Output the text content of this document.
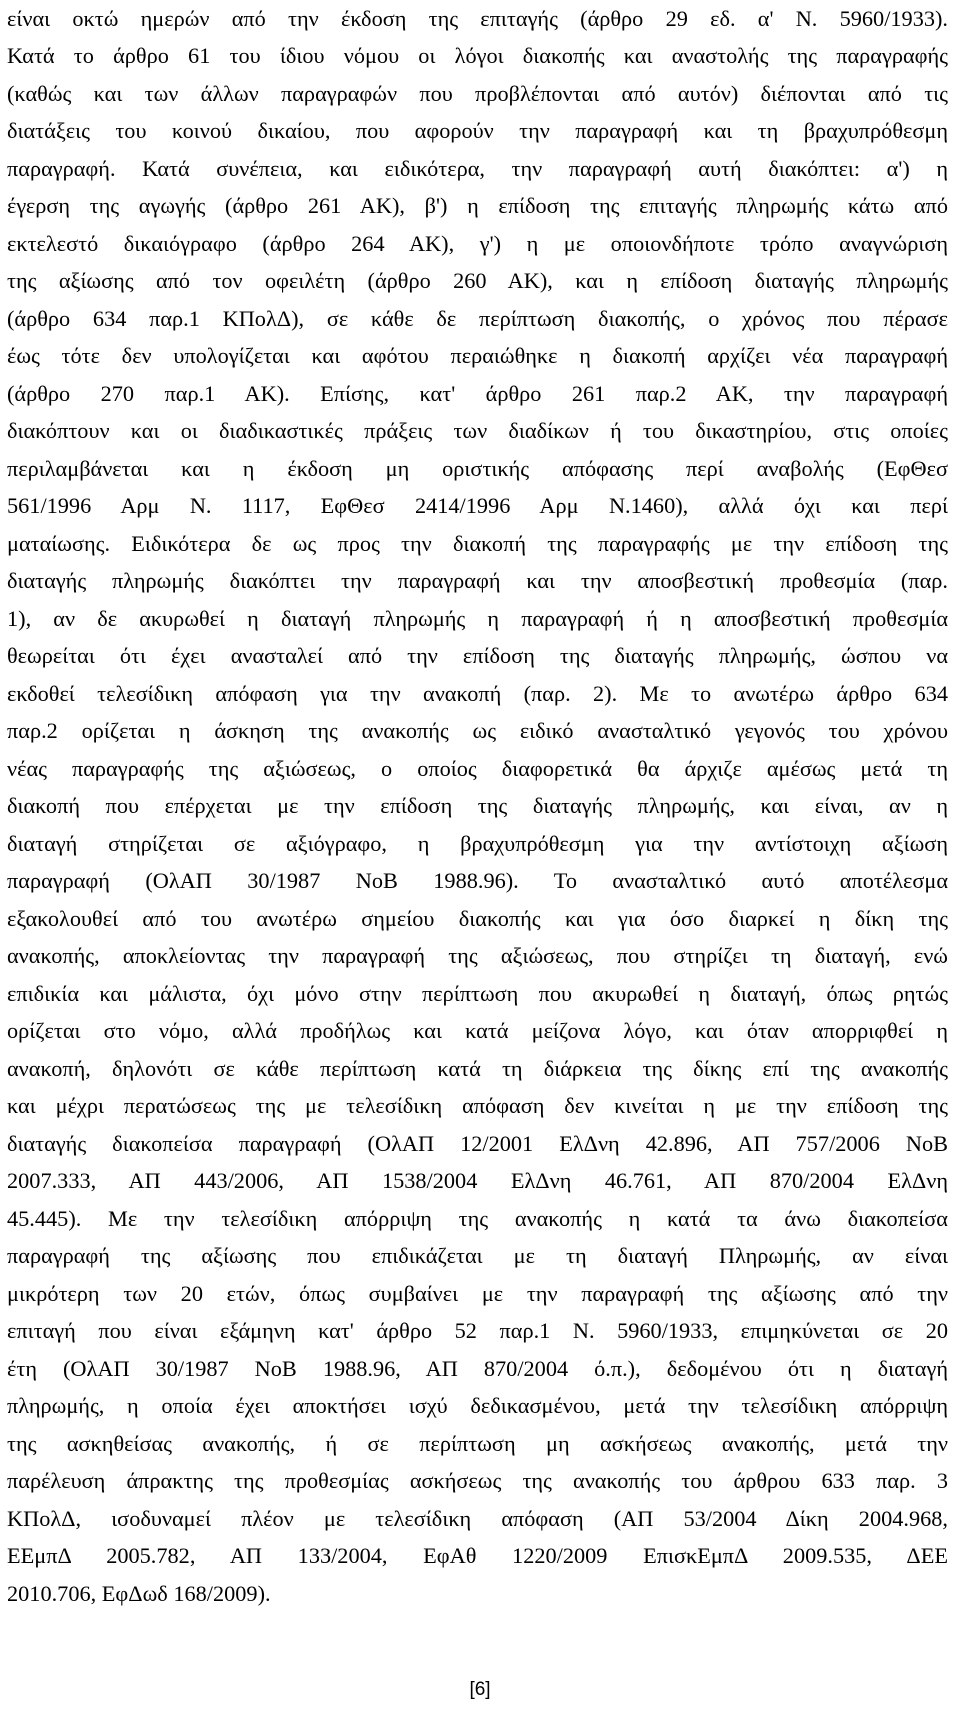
είναι οκτώ ημερών από την έκδοση της επιταγής (άρθρο 29 εδ. α' Ν. 5960/1933).
Κατά το άρθρο 61 του ίδιου νόμου οι λόγοι διακοπής και αναστολής της παραγραφής
(καθώς και των άλλων παραγραφών που προβλέπονται από αυτόν) διέπονται από τις
διατάξεις του κοινού δικαίου, που αφορούν την παραγραφή και τη βραχυπρόθεσμη
παραγραφή. Κατά συνέπεια, και ειδικότερα, την παραγραφή αυτή διακόπτει: α') η
έγερση της αγωγής (άρθρο 261 ΑΚ), β') η επίδοση της επιταγής πληρωμής κάτω από
εκτελεστό δικαιόγραφο (άρθρο 264 ΑΚ), γ') η με οποιονδήποτε τρόπο αναγνώριση
της αξίωσης από τον οφειλέτη (άρθρο 260 ΑΚ), και η επίδοση διαταγής πληρωμής
(άρθρο 634 παρ.1 ΚΠολΔ), σε κάθε δε περίπτωση διακοπής, ο χρόνος που πέρασε
έως τότε δεν υπολογίζεται και αφότου περαιώθηκε η διακοπή αρχίζει νέα παραγραφή
(άρθρο 270 παρ.1 ΑΚ). Επίσης, κατ' άρθρο 261 παρ.2 ΑΚ, την παραγραφή
διακόπτουν και οι διαδικαστικές πράξεις των διαδίκων ή του δικαστηρίου, στις οποίες
περιλαμβάνεται και η έκδοση μη οριστικής απόφασης περί αναβολής (ΕφΘεσ
561/1996 Αρμ Ν. 1117, ΕφΘεσ 2414/1996 Αρμ Ν.1460), αλλά όχι και περί
ματαίωσης. Ειδικότερα δε ως προς την διακοπή της παραγραφής με την επίδοση της
διαταγής πληρωμής διακόπτει την παραγραφή και την αποσβεστική προθεσμία (παρ.
1), αν δε ακυρωθεί η διαταγή πληρωμής η παραγραφή ή η αποσβεστική προθεσμία
θεωρείται ότι έχει ανασταλεί από την επίδοση της διαταγής πληρωμής, ώσπου να
εκδοθεί τελεσίδικη απόφαση για την ανακοπή (παρ. 2). Με το ανωτέρω άρθρο 634
παρ.2 ορίζεται η άσκηση της ανακοπής ως ειδικό ανασταλτικό γεγονός του χρόνου
νέας παραγραφής της αξιώσεως, ο οποίος διαφορετικά θα άρχιζε αμέσως μετά τη
διακοπή που επέρχεται με την επίδοση της διαταγής πληρωμής, και είναι, αν η
διαταγή στηρίζεται σε αξιόγραφο, η βραχυπρόθεσμη για την αντίστοιχη αξίωση
παραγραφή (ΟλΑΠ 30/1987 ΝοΒ 1988.96). Το ανασταλτικό αυτό αποτέλεσμα
εξακολουθεί από του ανωτέρω σημείου διακοπής και για όσο διαρκεί η δίκη της
ανακοπής, αποκλείοντας την παραγραφή της αξιώσεως, που στηρίζει τη διαταγή, ενώ
επιδικία και μάλιστα, όχι μόνο στην περίπτωση που ακυρωθεί η διαταγή, όπως ρητώς
ορίζεται στο νόμο, αλλά προδήλως και κατά μείζονα λόγο, και όταν απορριφθεί η
ανακοπή, δηλονότι σε κάθε περίπτωση κατά τη διάρκεια της δίκης επί της ανακοπής
και μέχρι περατώσεως της με τελεσίδικη απόφαση δεν κινείται η με την επίδοση της
διαταγής διακοπείσα παραγραφή (ΟλΑΠ 12/2001 ΕλΔνη 42.896, ΑΠ 757/2006 ΝοΒ
2007.333, ΑΠ 443/2006, ΑΠ 1538/2004 ΕλΔνη 46.761, ΑΠ 870/2004 ΕλΔνη
45.445). Με την τελεσίδικη απόρριψη της ανακοπής η κατά τα άνω διακοπείσα
παραγραφή της αξίωσης που επιδικάζεται με τη διαταγή Πληρωμής, αν είναι
μικρότερη των 20 ετών, όπως συμβαίνει με την παραγραφή της αξίωσης από την
επιταγή που είναι εξάμηνη κατ' άρθρο 52 παρ.1 Ν. 5960/1933, επιμηκύνεται σε 20
έτη (ΟλΑΠ 30/1987 ΝοΒ 1988.96, ΑΠ 870/2004 ό.π.), δεδομένου ότι η διαταγή
πληρωμής, η οποία έχει αποκτήσει ισχύ δεδικασμένου, μετά την τελεσίδικη απόρριψη
της ασκηθείσας ανακοπής, ή σε περίπτωση μη ασκήσεως ανακοπής, μετά την
παρέλευση άπρακτης της προθεσμίας ασκήσεως της ανακοπής του άρθρου 633 παρ. 3
ΚΠολΔ, ισοδυναμεί πλέον με τελεσίδικη απόφαση (ΑΠ 53/2004 Δίκη 2004.968,
ΕΕμπΔ 2005.782, ΑΠ 133/2004, ΕφΑθ 1220/2009 ΕπισκΕμπΔ 2009.535, ΔΕΕ
2010.706, ΕφΔωδ 168/2009).
[6]
